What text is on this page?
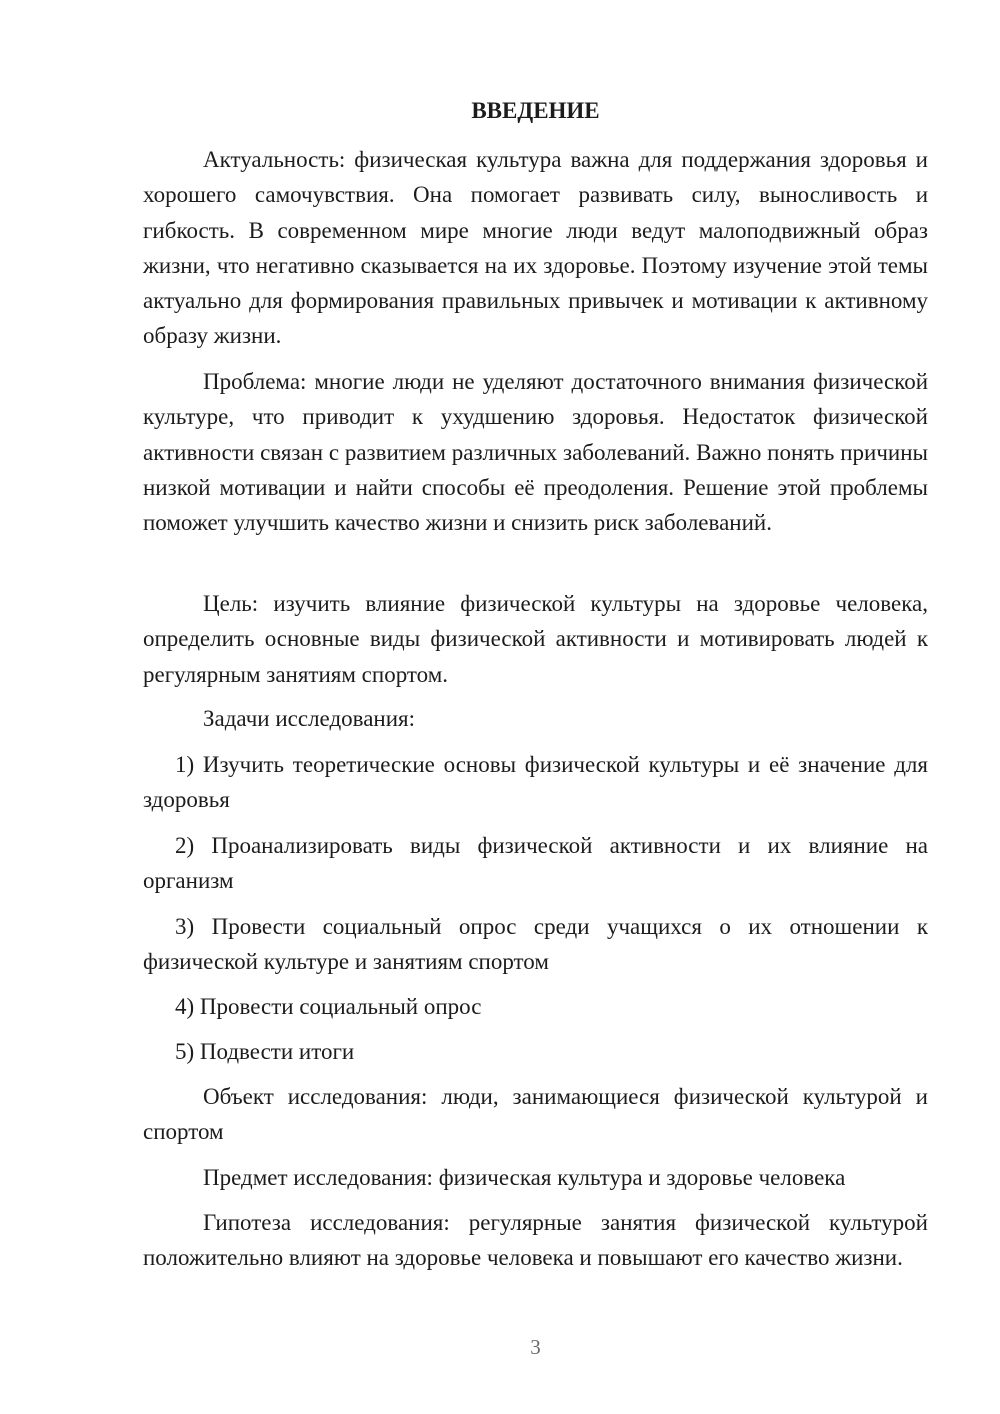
ВВЕДЕНИЕ

Актуальность: физическая культура важна для поддержания здоровья и хорошего самочувствия. Она помогает развивать силу, выносливость и гибкость. В современном мире многие люди ведут малоподвижный образ жизни, что негативно сказывается на их здоровье. Поэтому изучение этой темы актуально для формирования правильных привычек и мотивации к активному образу жизни.

Проблема: многие люди не уделяют достаточного внимания физической культуре, что приводит к ухудшению здоровья. Недостаток физической активности связан с развитием различных заболеваний. Важно понять причины низкой мотивации и найти способы её преодоления. Решение этой проблемы поможет улучшить качество жизни и снизить риск заболеваний.

Цель: изучить влияние физической культуры на здоровье человека, определить основные виды физической активности и мотивировать людей к регулярным занятиям спортом.

Задачи исследования:

1) Изучить теоретические основы физической культуры и её значение для здоровья

2) Проанализировать виды физической активности и их влияние на организм

3) Провести социальный опрос среди учащихся о их отношении к физической культуре и занятиям спортом

4) Провести социальный опрос

5) Подвести итоги

Объект исследования: люди, занимающиеся физической культурой и спортом

Предмет исследования: физическая культура и здоровье человека

Гипотеза исследования: регулярные занятия физической культурой положительно влияют на здоровье человека и повышают его качество жизни.

3
